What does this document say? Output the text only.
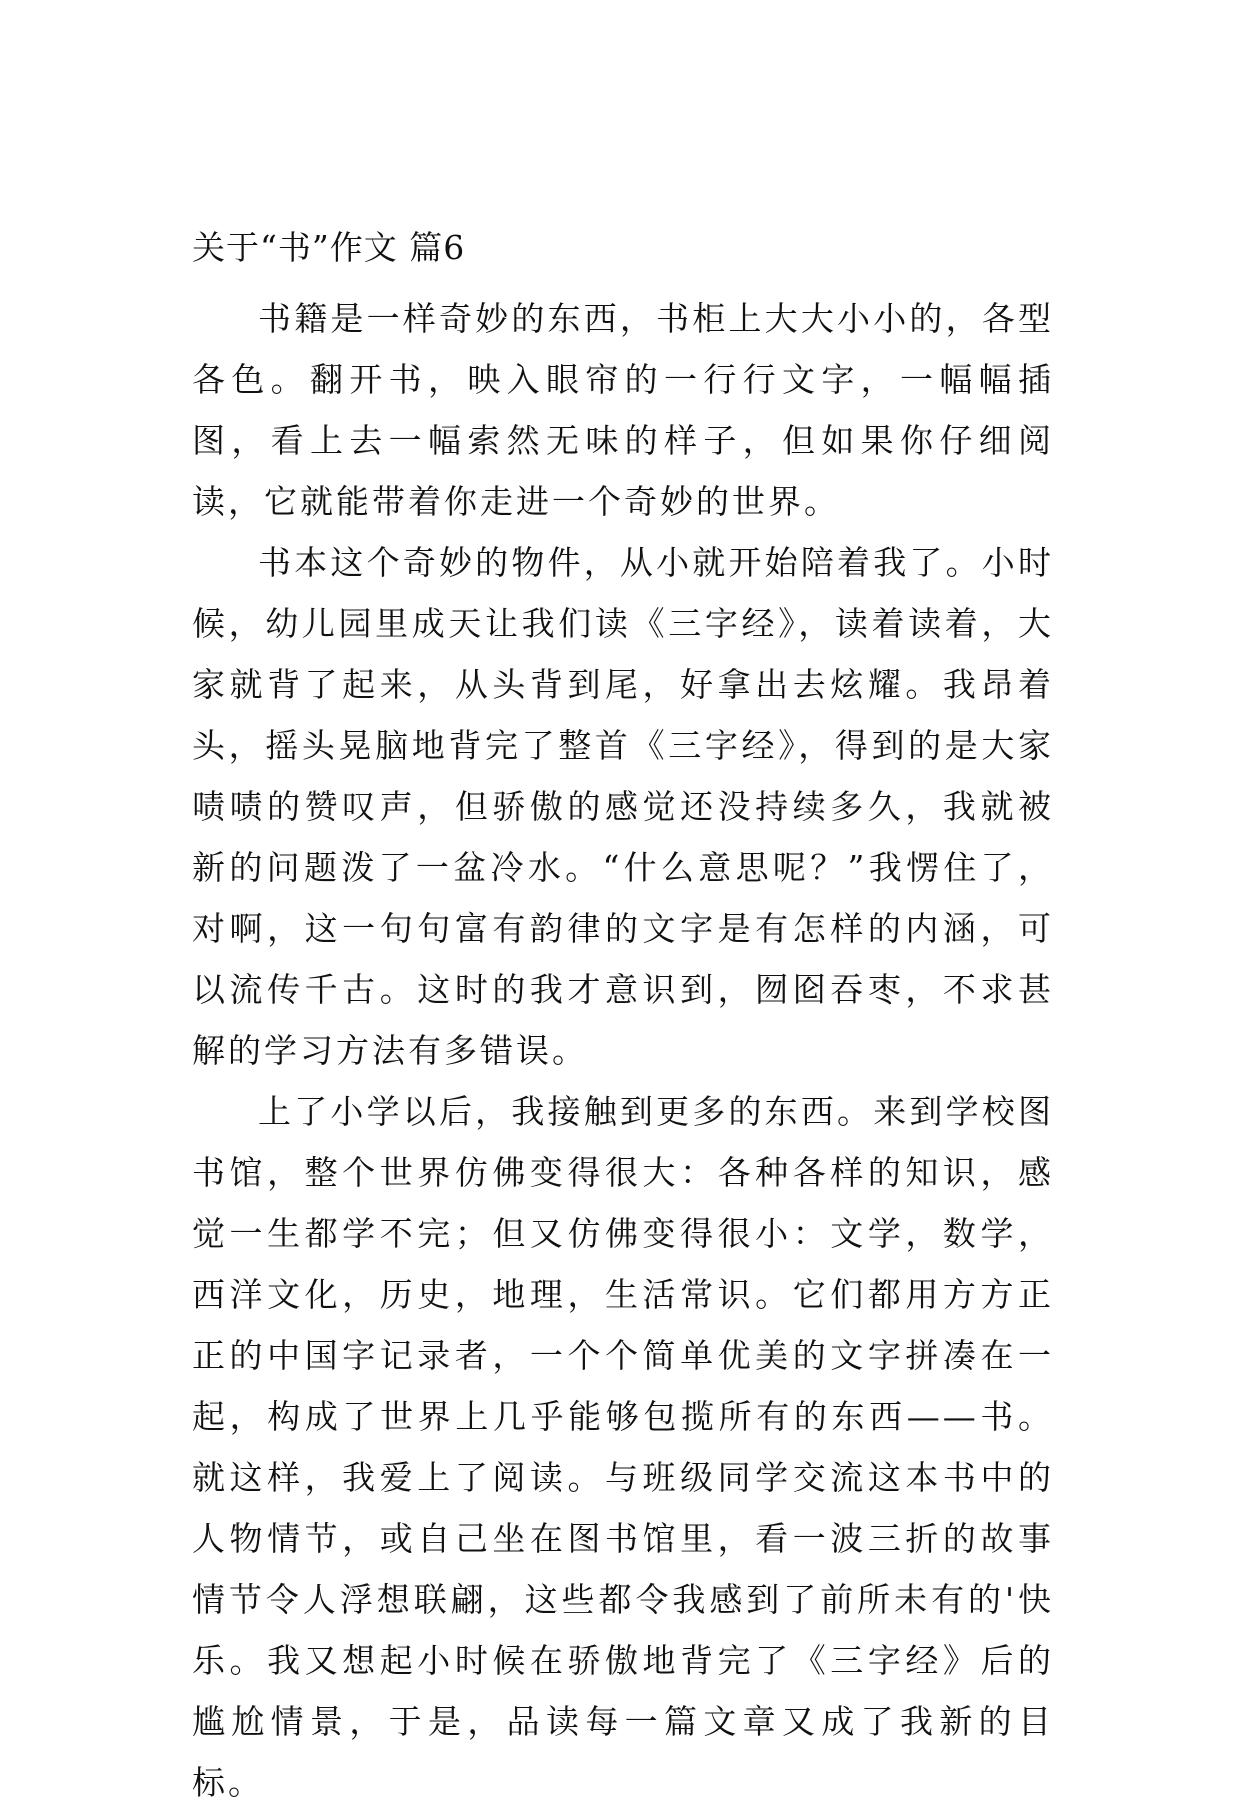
关于“书”作文 篇6

书籍是一样奇妙的东西，书柜上大大小小的，各型各色。翻开书，映入眼帘的一行行文字，一幅幅插图，看上去一幅索然无味的样子，但如果你仔细阅读，它就能带着你走进一个奇妙的世界。

书本这个奇妙的物件，从小就开始陪着我了。小时候，幼儿园里成天让我们读《三字经》，读着读着，大家就背了起来，从头背到尾，好拿出去炫耀。我昂着头，摇头晃脑地背完了整首《三字经》，得到的是大家啧啧的赞叹声，但骄傲的感觉还没持续多久，我就被新的问题泼了一盆冷水。“什么意思呢？”我愣住了，对啊，这一句句富有韵律的文字是有怎样的内涵，可以流传千古。这时的我才意识到，囫囵吞枣，不求甚解的学习方法有多错误。

上了小学以后，我接触到更多的东西。来到学校图书馆，整个世界仿佛变得很大：各种各样的知识，感觉一生都学不完；但又仿佛变得很小：文学，数学，西洋文化，历史，地理，生活常识。它们都用方方正正的中国字记录者，一个个简单优美的文字拼凑在一起，构成了世界上几乎能够包揽所有的东西——书。就这样，我爱上了阅读。与班级同学交流这本书中的人物情节，或自己坐在图书馆里，看一波三折的故事情节令人浮想联翩，这些都令我感到了前所未有的'快乐。我又想起小时候在骄傲地背完了《三字经》后的尴尬情景，于是，品读每一篇文章又成了我新的目标。
